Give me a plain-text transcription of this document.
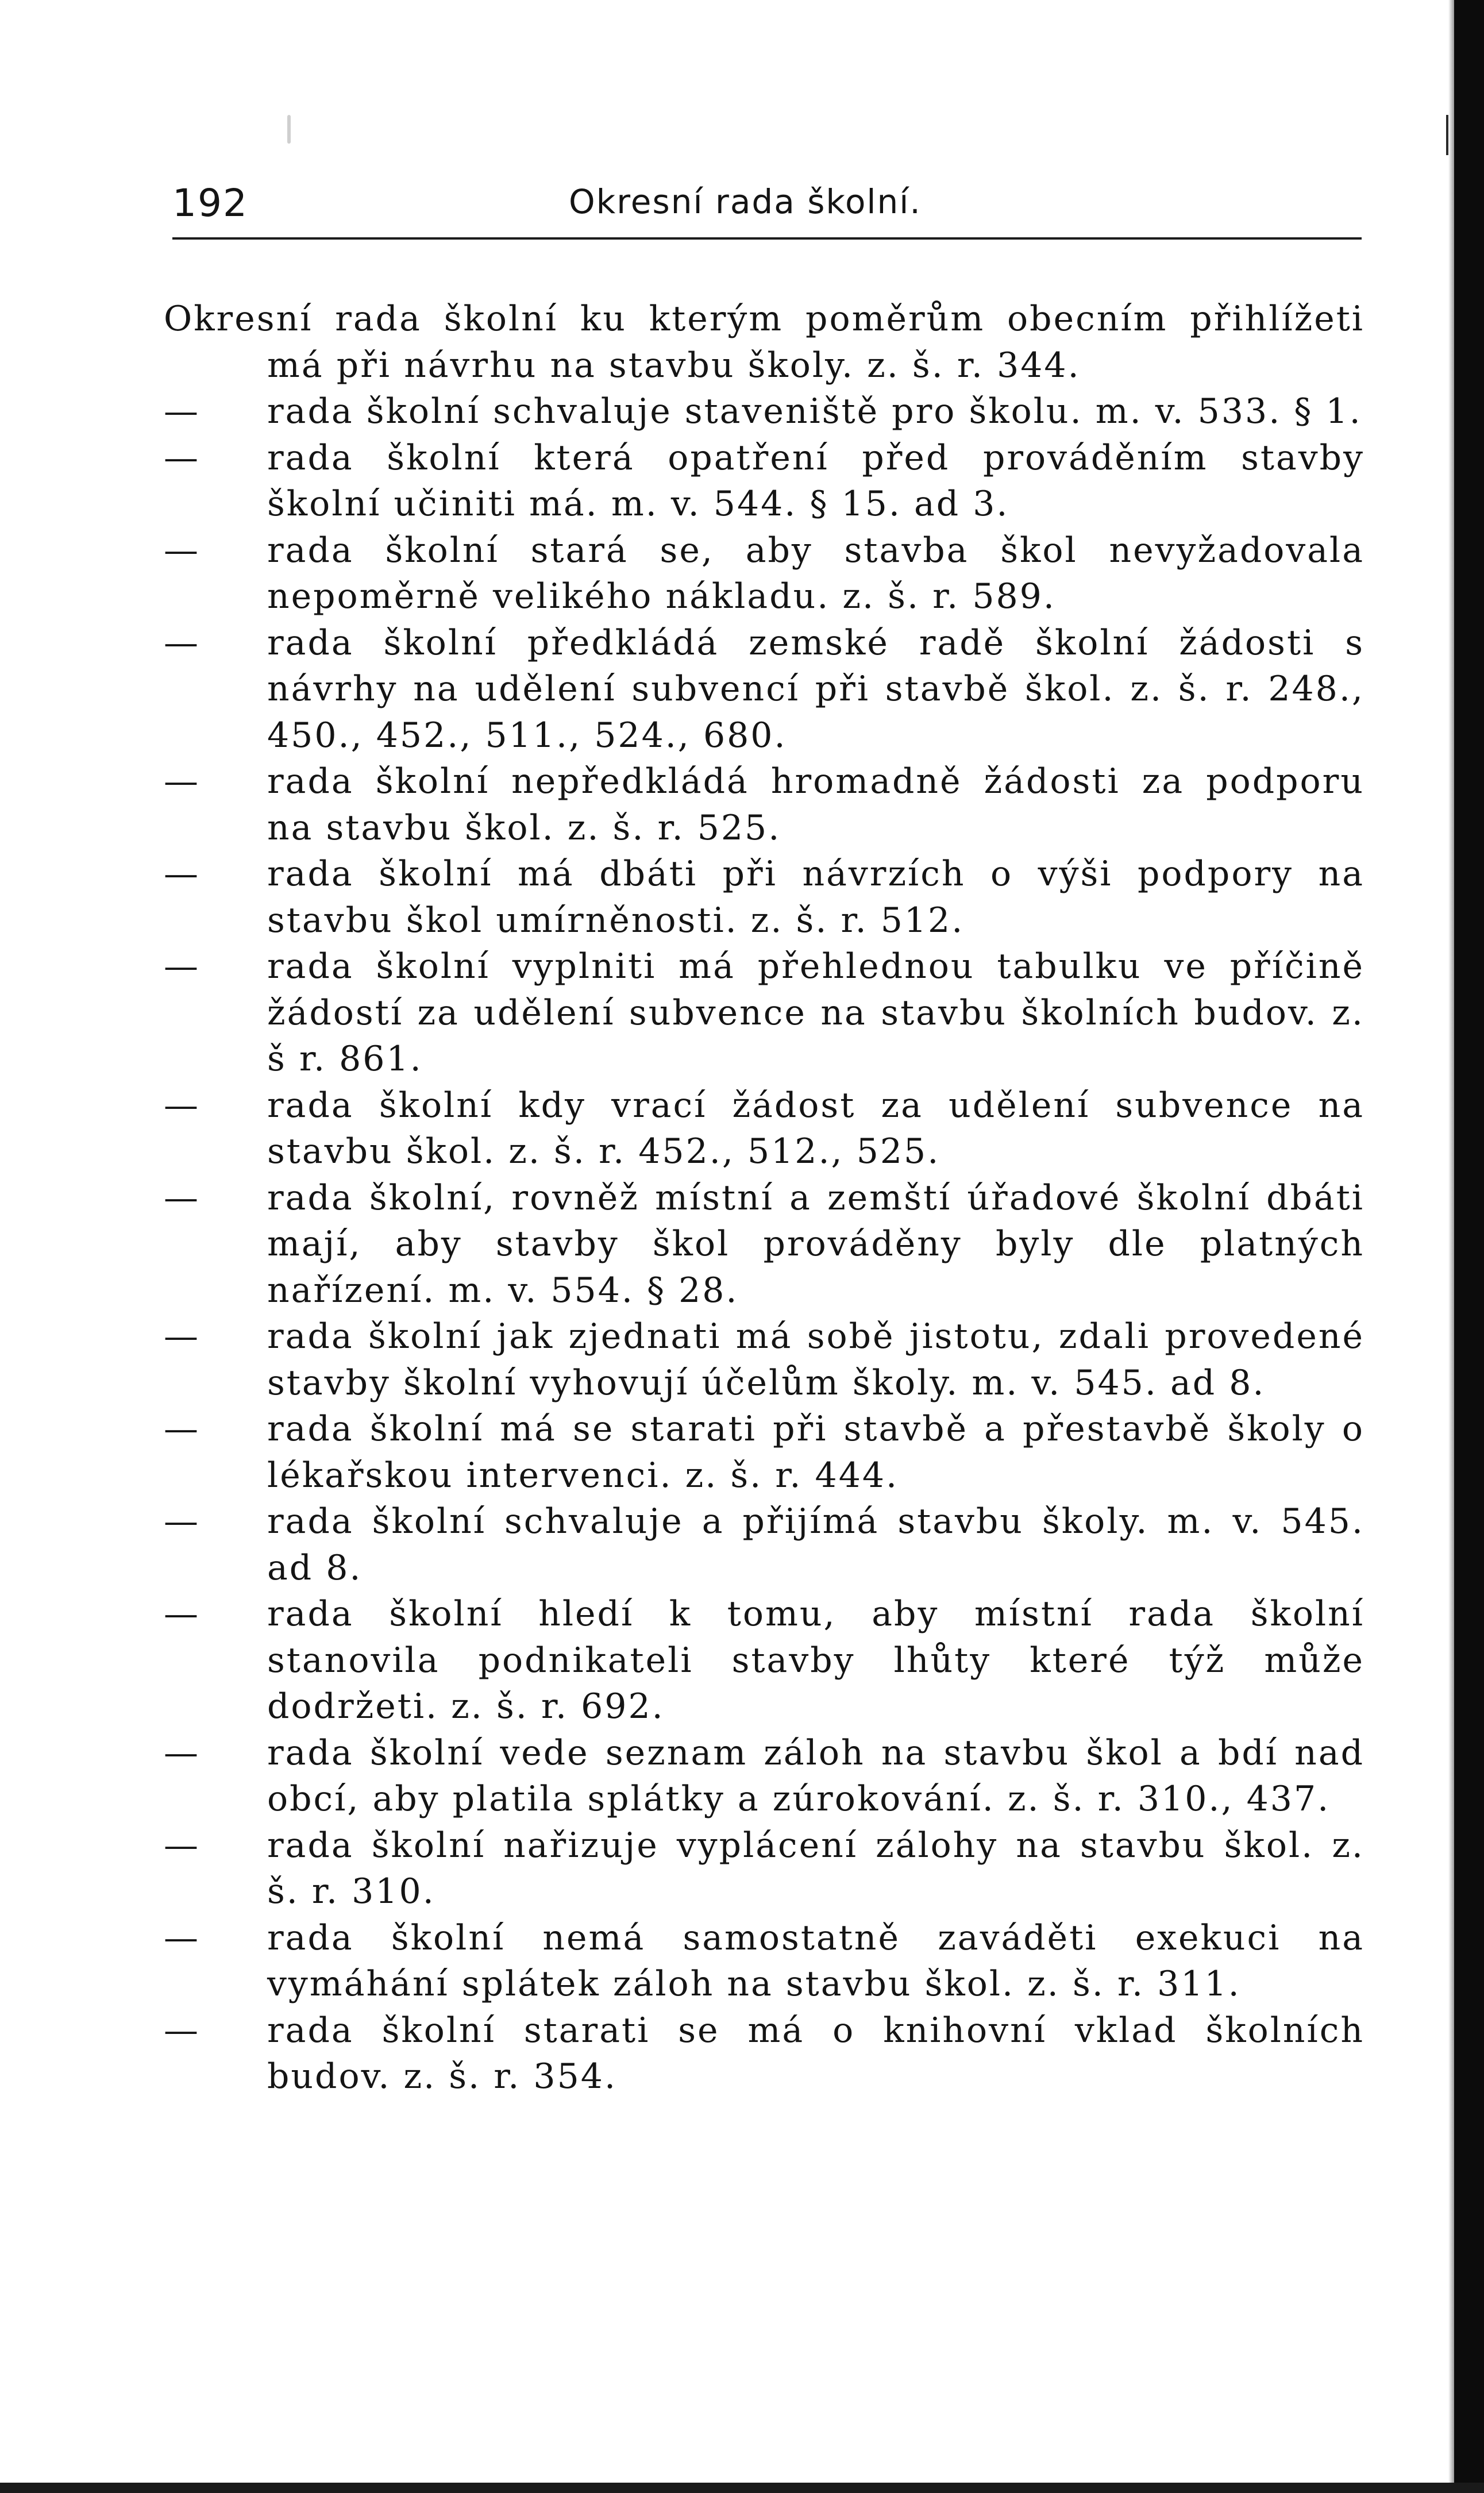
192	Okresní rada školní.

Okresní rada školní ku kterým poměrům obecním přihlížeti má při návrhu na stavbu školy. z. š. r. 344.

— rada školní schvaluje staveniště pro školu. m. v. 533. § 1.

— rada školní která opatření před prováděním stavby školní učiniti má. m. v. 544. § 15. ad 3.

— rada školní stará se, aby stavba škol nevyžadovala nepoměrně velikého nákladu. z. š. r. 589.

— rada školní předkládá zemské radě školní žádosti s návrhy na udělení subvencí při stavbě škol. z. š. r. 248., 450., 452., 511., 524., 680.

— rada školní nepředkládá hromadně žádosti za podporu na stavbu škol. z. š. r. 525.

— rada školní má dbáti při návrzích o výši podpory na stavbu škol umírněnosti. z. š. r. 512.

— rada školní vyplniti má přehlednou tabulku ve příčině žádostí za udělení subvence na stavbu školních budov. z. š r. 861.

— rada školní kdy vrací žádost za udělení subvence na stavbu škol. z. š. r. 452., 512., 525.

— rada školní, rovněž místní a zemští úřadové školní dbáti mají, aby stavby škol prováděny byly dle platných nařízení. m. v. 554. § 28.

— rada školní jak zjednati má sobě jistotu, zdali provedené stavby školní vyhovují účelům školy. m. v. 545. ad 8.

— rada školní má se starati při stavbě a přestavbě školy o lékařskou intervenci. z. š. r. 444.

— rada školní schvaluje a přijímá stavbu školy. m. v. 545. ad 8.

— rada školní hledí k tomu, aby místní rada školní stanovila podnikateli stavby lhůty které týž může dodržeti. z. š. r. 692.

— rada školní vede seznam záloh na stavbu škol a bdí nad obcí, aby platila splátky a zúrokování. z. š. r. 310., 437.

— rada školní nařizuje vyplácení zálohy na stavbu škol. z. š. r. 310.

— rada školní nemá samostatně zaváděti exekuci na vymáhání splátek záloh na stavbu škol. z. š. r. 311.

— rada školní starati se má o knihovní vklad školních budov. z. š. r. 354.
